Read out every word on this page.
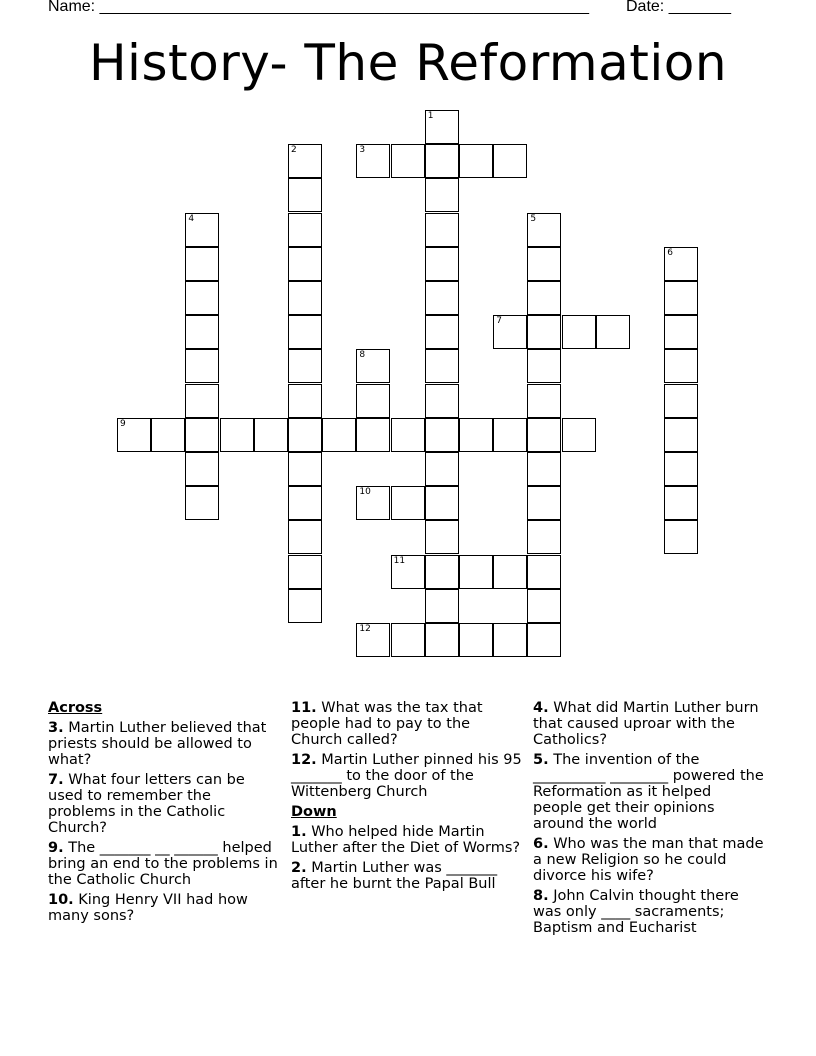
Name: _______________________________________________________ Date: _______
History- The Reformation
1
2	3
4	5
6
7
8
9
10
11
12
Across
3. Martin Luther believed that priests should be allowed to what?
7. What four letters can be used to remember the problems in the Catholic Church?
9. The _______ __ ______ helped bring an end to the problems in the Catholic Church
10. King Henry VII had how many sons?
11. What was the tax that people had to pay to the Church called?
12. Martin Luther pinned his 95 _______ to the door of the Wittenberg Church
Down
1. Who helped hide Martin Luther after the Diet of Worms?
2. Martin Luther was _______ after he burnt the Papal Bull
4. What did Martin Luther burn that caused uproar with the Catholics?
5. The invention of the __________ ________ powered the Reformation as it helped people get their opinions around the world
6. Who was the man that made a new Religion so he could divorce his wife?
8. John Calvin thought there was only ____ sacraments; Baptism and Eucharist
